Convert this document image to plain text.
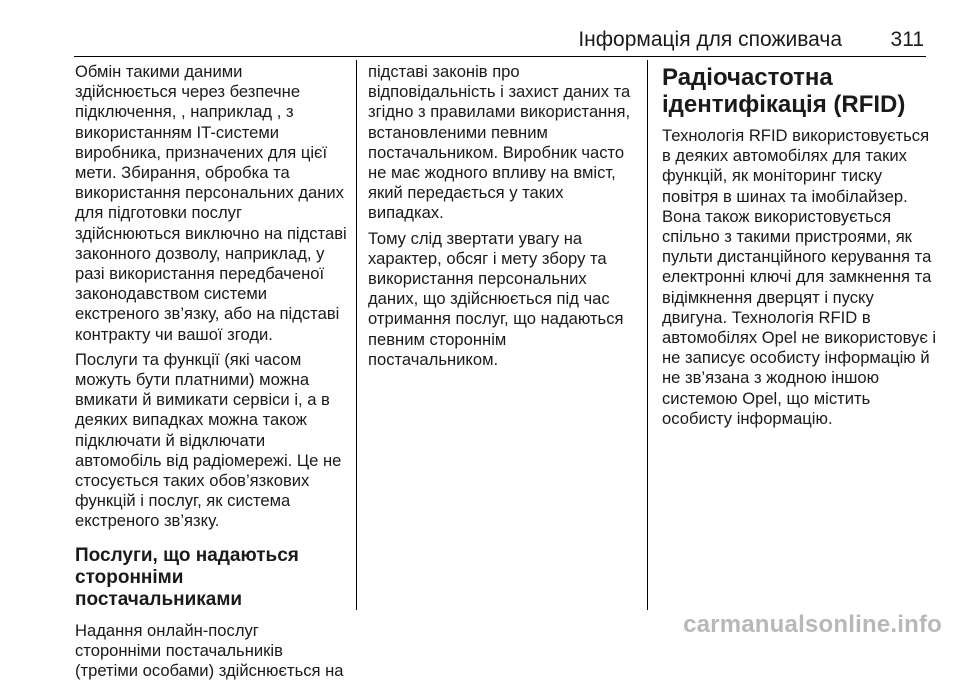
Інформація для споживача 311

Обмін такими даними здійснюється через безпечне підключення, , наприклад , з використанням IT-системи виробника, призначених для цієї мети. Збирання, обробка та використання персональних даних для підготовки послуг здійснюються виключно на підставі законного дозволу, наприклад, у разі використання передбаченої законодавством системи екстреного зв’язку, або на підставі контракту чи вашої згоди.

Послуги та функції (які часом можуть бути платними) можна вмикати й вимикати сервіси і, а в деяких випадках можна також підключати й відключати автомобіль від радіомережі. Це не стосується таких обов’язкових функцій і послуг, як система екстреного зв’язку.

Послуги, що надаються сторонніми постачальниками

Надання онлайн-послуг сторонніми постачальників (третіми особами) здійснюється на

підставі законів про відповідальність і захист даних та згідно з правилами використання, встановленими певним постачальником. Виробник часто не має жодного впливу на вміст, який передається у таких випадках.

Тому слід звертати увагу на характер, обсяг і мету збору та використання персональних даних, що здійснюється під час отримання послуг, що надаються певним стороннім постачальником.

Радіочастотна ідентифікація (RFID)

Технологія RFID використовується в деяких автомобілях для таких функцій, як моніторинг тиску повітря в шинах та імобілайзер. Вона також використовується спільно з такими пристроями, як пульти дистанційного керування та електронні ключі для замкнення та відімкнення дверцят і пуску двигуна. Технологія RFID в автомобілях Opel не використовує і не записує особисту інформацію й не зв’язана з жодною іншою системою Opel, що містить особисту інформацію.

carmanualsonline.info
